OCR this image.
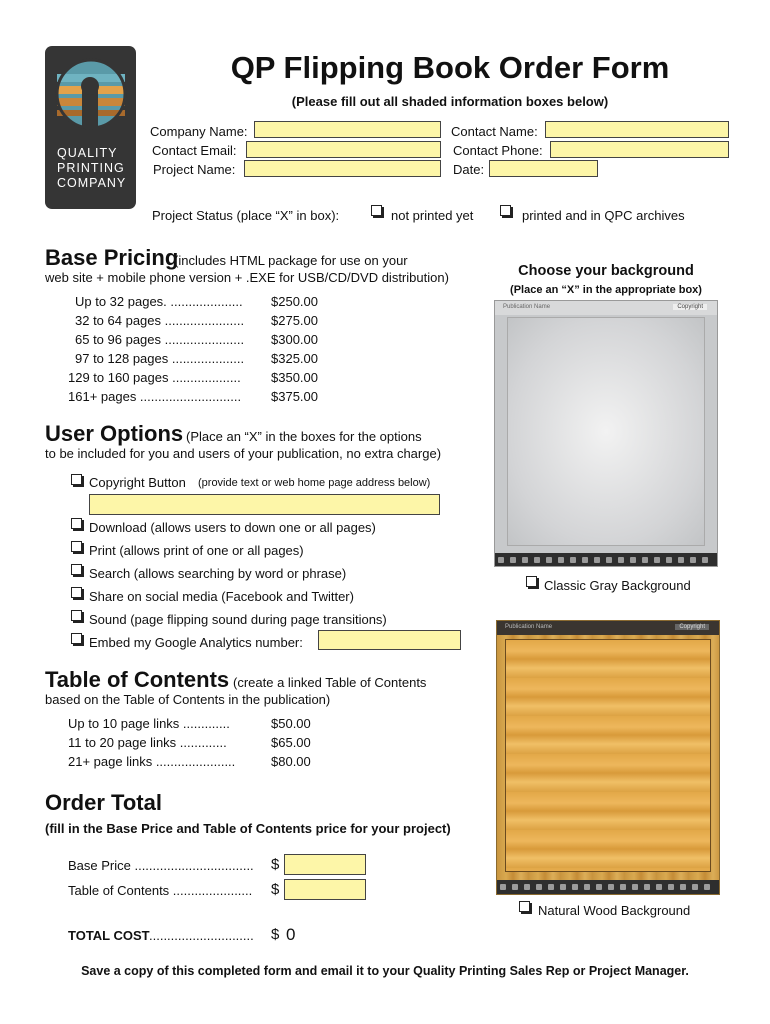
QUALITY
PRINTING
COMPANY
QP Flipping Book Order Form
(Please fill out all shaded information boxes below)
Company Name:
Contact Email:
Project Name:
Contact Name:
Contact Phone:
Date:
Project Status (place “X” in box):	not printed yet	printed and in QPC archives
Base Pricing
(includes HTML package for use on your
web site + mobile phone version + .EXE for USB/CD/DVD distribution)
Up to 32 pages. .................... $250.00
32 to 64 pages ...................... $275.00
65 to 96 pages ...................... $300.00
97 to 128 pages .................... $325.00
129 to 160 pages ................... $350.00
161+ pages ............................ $375.00
User Options (Place an “X” in the boxes for the options
to be included for you and users of your publication, no extra charge)
Copyright Button (provide text or web home page address below)
Download (allows users to down one or all pages)
Print (allows print of one or all pages)
Search (allows searching by word or phrase)
Share on social media (Facebook and Twitter)
Sound (page flipping sound during page transitions)
Embed my Google Analytics number:
Table of Contents (create a linked Table of Contents
based on the Table of Contents in the publication)
Up to 10 page links .............	$50.00
11 to 20 page links .............	$65.00
21+ page links ......................	$80.00
Order Total
(fill in the Base Price and Table of Contents price for your project)
Base Price ................................. $
Table of Contents ...................... $
TOTAL COST ............................. $ 0
Choose your background
(Place an “X” in the appropriate box)
Publication Name	Copyright
Classic Gray Background
Publication Name	Copyright
Natural Wood Background
Save a copy of this completed form and email it to your Quality Printing Sales Rep or Project Manager.
